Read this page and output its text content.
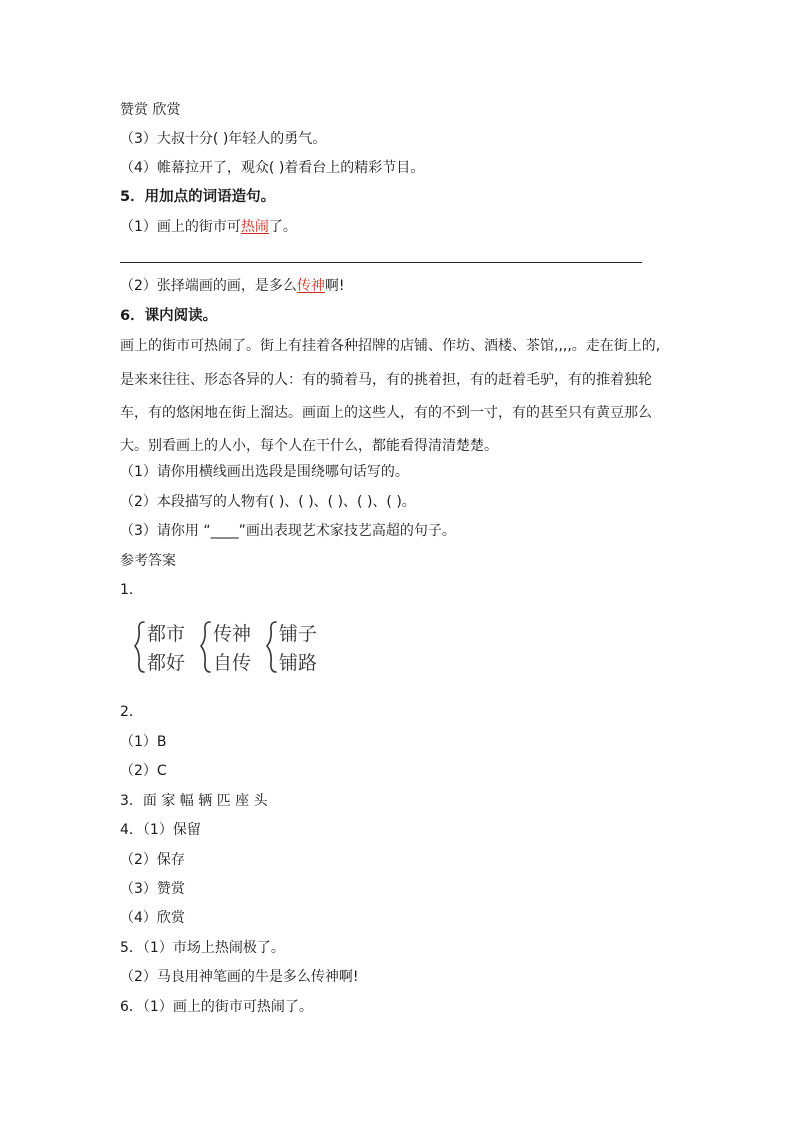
赞赏 欣赏
（3）大叔十分( )年轻人的勇气。
（4）帷幕拉开了，观众( )着看台上的精彩节目。
5．用加点的词语造句。
（1）画上的街市可热闹了。
（2）张择端画的画，是多么传神啊!
6．课内阅读。
画上的街市可热闹了。街上有挂着各种招牌的店铺、作坊、酒楼、茶馆,,,,。走在街上的,
是来来往往、形态各异的人：有的骑着马，有的挑着担，有的赶着毛驴，有的推着独轮
车，有的悠闲地在街上溜达。画面上的这些人，有的不到一寸，有的甚至只有黄豆那么
大。别看画上的人小，每个人在干什么，都能看得清清楚楚。
（1）请你用横线画出选段是围绕哪句话写的。
（2）本段描写的人物有( )、( )、( )、( )、( )。
（3）请你用 “____”画出表现艺术家技艺高超的句子。
参考答案
1．
都市
都好
传神
自传
铺子
铺路
2．
（1）B
（2）C
3．面 家 幅 辆 匹 座 头
4．（1）保留
（2）保存
（3）赞赏
（4）欣赏
5．（1）市场上热闹极了。
（2）马良用神笔画的牛是多么传神啊!
6．（1）画上的街市可热闹了。
